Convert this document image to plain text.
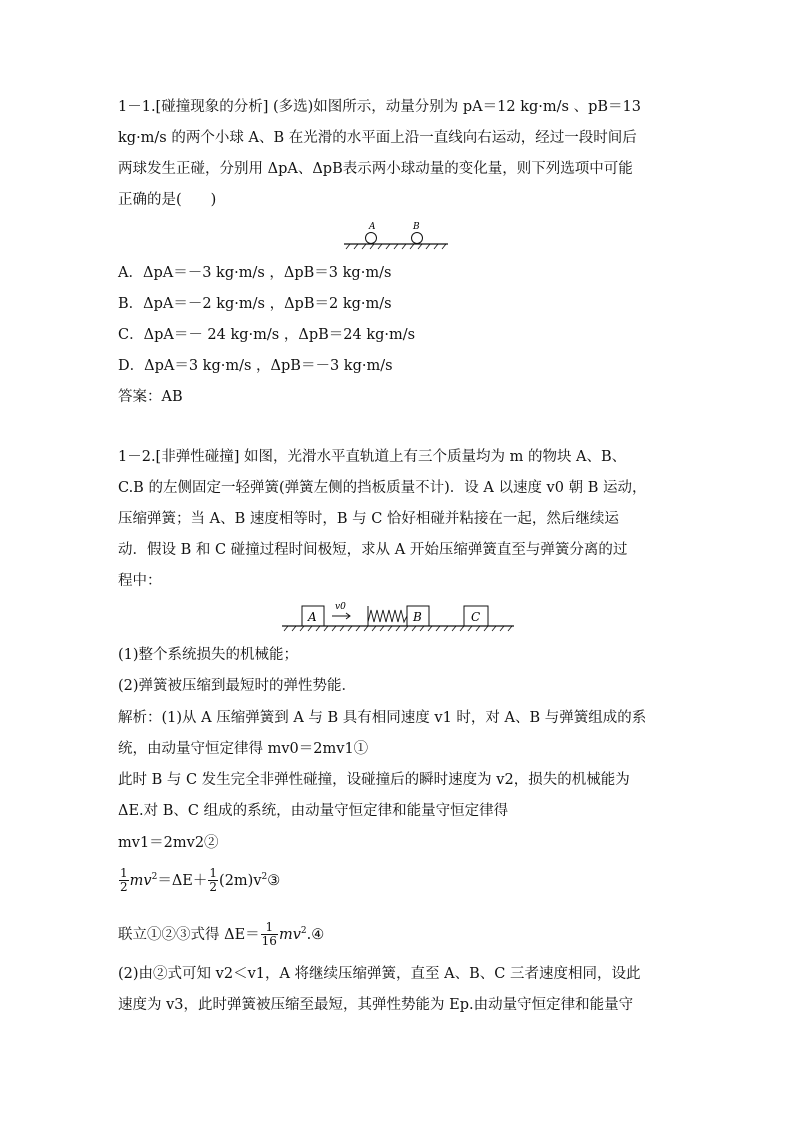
1－1.[碰撞现象的分析] (多选)如图所示，动量分别为 pA＝12 kg·m/s 、pB＝13
kg·m/s 的两个小球 A、B 在光滑的水平面上沿一直线向右运动，经过一段时间后
两球发生正碰，分别用 ΔpA、ΔpB表示两小球动量的变化量，则下列选项中可能
正确的是(　　)
A	B
A．ΔpA＝－3 kg·m/s ，ΔpB＝3 kg·m/s
B．ΔpA＝－2 kg·m/s ，ΔpB＝2 kg·m/s
C．ΔpA＝－ 24 kg·m/s ，ΔpB＝24 kg·m/s
D．ΔpA＝3 kg·m/s ，ΔpB＝－3 kg·m/s
答案：AB
1－2.[非弹性碰撞] 如图，光滑水平直轨道上有三个质量均为 m 的物块 A、B、
C.B 的左侧固定一轻弹簧(弹簧左侧的挡板质量不计)．设 A 以速度 v0 朝 B 运动，
压缩弹簧；当 A、B 速度相等时，B 与 C 恰好相碰并粘接在一起，然后继续运
动．假设 B 和 C 碰撞过程时间极短，求从 A 开始压缩弹簧直至与弹簧分离的过
程中：
A
v0
B	C
(1)整个系统损失的机械能；
(2)弹簧被压缩到最短时的弹性势能．
解析：(1)从 A 压缩弹簧到 A 与 B 具有相同速度 v1 时，对 A、B 与弹簧组成的系
统，由动量守恒定律得 mv0＝2mv1①
此时 B 与 C 发生完全非弹性碰撞，设碰撞后的瞬时速度为 v2，损失的机械能为
ΔE.对 B、C 组成的系统，由动量守恒定律和能量守恒定律得
mv1＝2mv2②
$\frac{1}{2} mv^2=\Delta E+ \frac{1}{2}$ $(2m)v^2③$
联立①②③式得 $\Delta E= \frac{1}{16}$ $mv^2.④$
(2)由②式可知 v2＜v1，A 将继续压缩弹簧，直至 A、B、C 三者速度相同，设此
速度为 v3，此时弹簧被压缩至最短，其弹性势能为 Ep.由动量守恒定律和能量守
